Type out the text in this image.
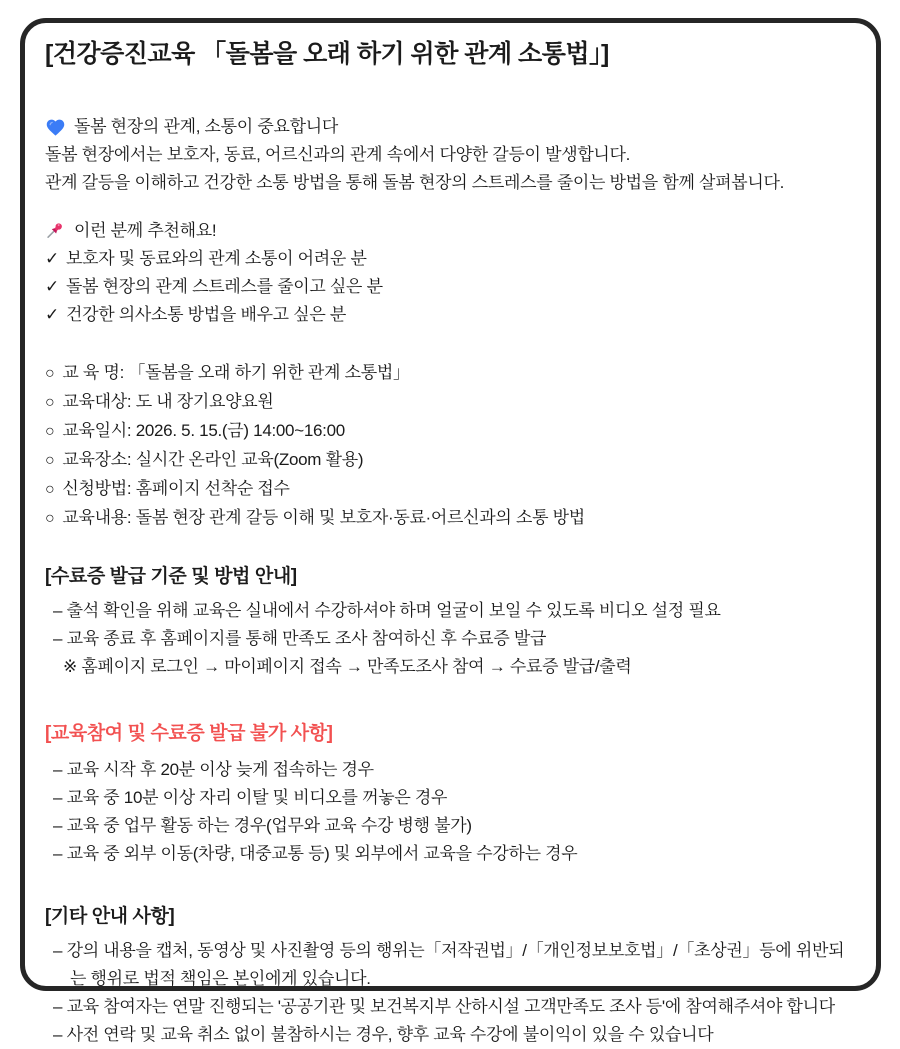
[건강증진교육 「돌봄을 오래 하기 위한 관계 소통법」]
돌봄 현장의 관계, 소통이 중요합니다
돌봄 현장에서는 보호자, 동료, 어르신과의 관계 속에서 다양한 갈등이 발생합니다.
관계 갈등을 이해하고 건강한 소통 방법을 통해 돌봄 현장의 스트레스를 줄이는 방법을 함께 살펴봅니다.
이런 분께 추천해요!
✓ 보호자 및 동료와의 관계 소통이 어려운 분
✓ 돌봄 현장의 관계 스트레스를 줄이고 싶은 분
✓ 건강한 의사소통 방법을 배우고 싶은 분
○ 교 육 명: 「돌봄을 오래 하기 위한 관계 소통법」
○ 교육대상: 도 내 장기요양요원
○ 교육일시: 2026. 5. 15.(금) 14:00~16:00
○ 교육장소: 실시간 온라인 교육(Zoom 활용)
○ 신청방법: 홈페이지 선착순 접수
○ 교육내용: 돌봄 현장 관계 갈등 이해 및 보호자·동료·어르신과의 소통 방법
[수료증 발급 기준 및 방법 안내]
– 출석 확인을 위해 교육은 실내에서 수강하셔야 하며 얼굴이 보일 수 있도록 비디오 설정 필요
– 교육 종료 후 홈페이지를 통해 만족도 조사 참여하신 후 수료증 발급
※ 홈페이지 로그인 → 마이페이지 접속 → 만족도조사 참여 → 수료증 발급/출력
[교육참여 및 수료증 발급 불가 사항]
– 교육 시작 후 20분 이상 늦게 접속하는 경우
– 교육 중 10분 이상 자리 이탈 및 비디오를 꺼놓은 경우
– 교육 중 업무 활동 하는 경우(업무와 교육 수강 병행 불가)
– 교육 중 외부 이동(차량, 대중교통 등) 및 외부에서 교육을 수강하는 경우
[기타 안내 사항]
– 강의 내용을 캡처, 동영상 및 사진촬영 등의 행위는「저작권법」/「개인정보보호법」/「초상권」등에 위반되는 행위로 법적 책임은 본인에게 있습니다.
– 교육 참여자는 연말 진행되는 '공공기관 및 보건복지부 산하시설 고객만족도 조사 등'에 참여해주셔야 합니다
– 사전 연락 및 교육 취소 없이 불참하시는 경우, 향후 교육 수강에 불이익이 있을 수 있습니다
